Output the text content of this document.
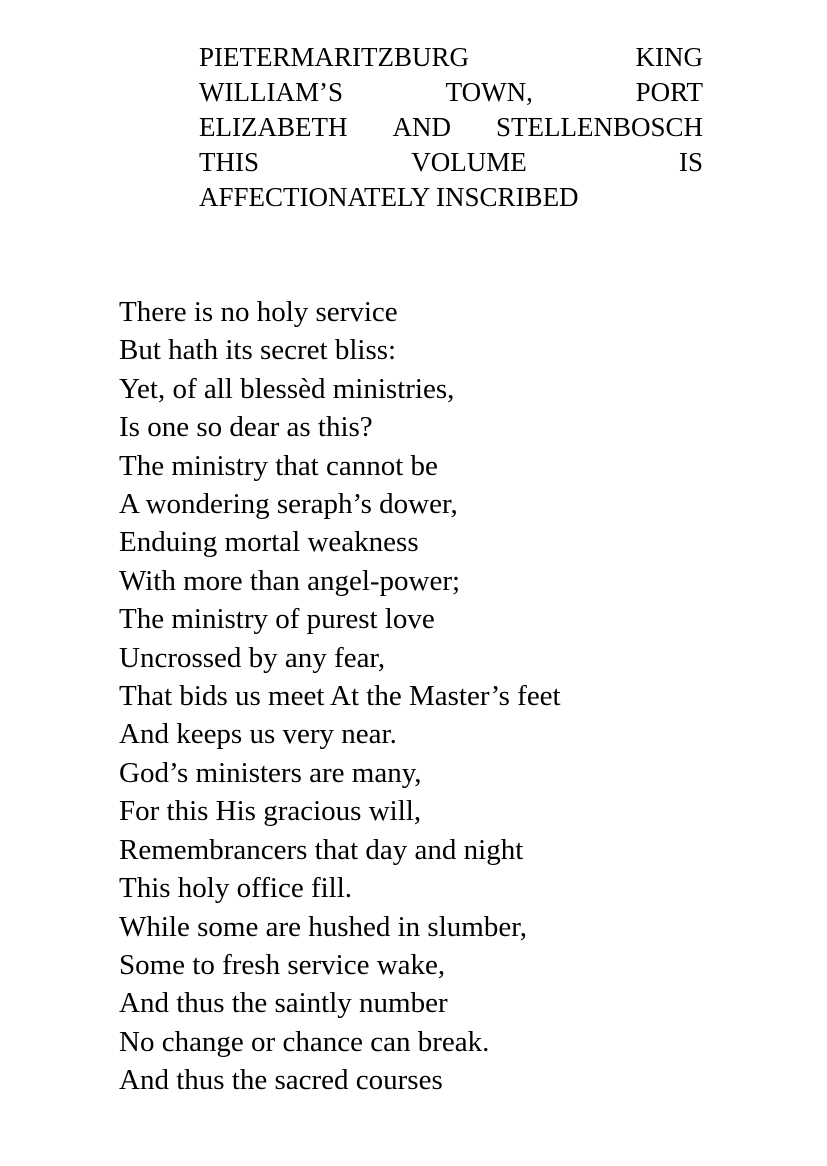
PIETERMARITZBURG	KING
WILLIAM’S	TOWN,	PORT
ELIZABETH AND STELLENBOSCH
THIS	VOLUME	IS
AFFECTIONATELY INSCRIBED
There is no holy service
But hath its secret bliss:
Yet, of all blessèd ministries,
Is one so dear as this?
The ministry that cannot be
A wondering seraph’s dower,
Enduing mortal weakness
With more than angel-power;
The ministry of purest love
Uncrossed by any fear,
That bids us meet At the Master’s feet
And keeps us very near.
God’s ministers are many,
For this His gracious will,
Remembrancers that day and night
This holy office fill.
While some are hushed in slumber,
Some to fresh service wake,
And thus the saintly number
No change or chance can break.
And thus the sacred courses
